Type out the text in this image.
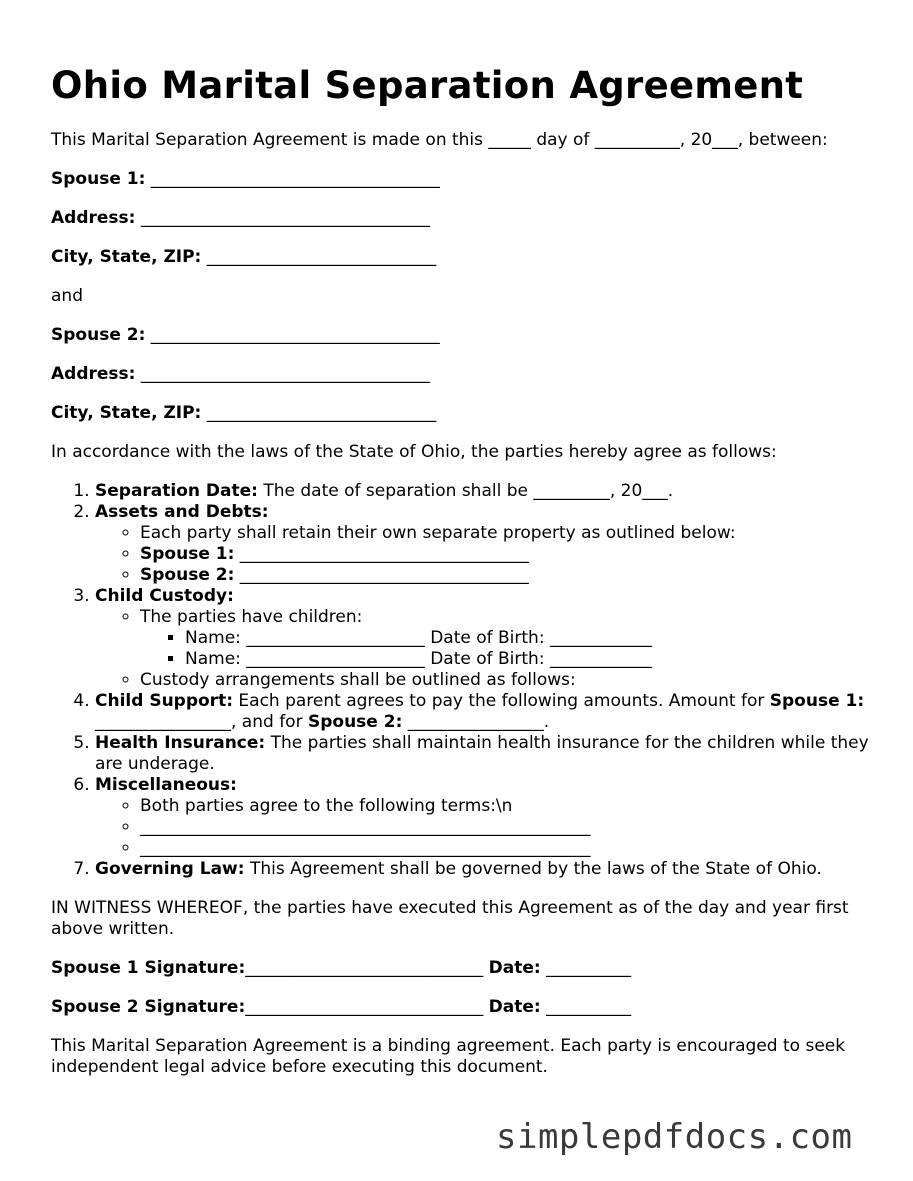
Ohio Marital Separation Agreement

This Marital Separation Agreement is made on this _____ day of __________, 20___, between:

Spouse 1: __________________________________

Address: __________________________________

City, State, ZIP: ___________________________

and

Spouse 2: __________________________________

Address: __________________________________

City, State, ZIP: ___________________________

In accordance with the laws of the State of Ohio, the parties hereby agree as follows:

1. Separation Date: The date of separation shall be _________, 20___.
2. Assets and Debts:
◦ Each party shall retain their own separate property as outlined below:
◦ Spouse 1: __________________________________
◦ Spouse 2: __________________________________
3. Child Custody:
◦ The parties have children:
▪ Name: _____________________ Date of Birth: ____________
▪ Name: _____________________ Date of Birth: ____________
◦ Custody arrangements shall be outlined as follows:
4. Child Support: Each parent agrees to pay the following amounts. Amount for Spouse 1: ________________, and for Spouse 2: ________________.
5. Health Insurance: The parties shall maintain health insurance for the children while they are underage.
6. Miscellaneous:
◦ Both parties agree to the following terms:\n
◦ _____________________________________________________
◦ _____________________________________________________
7. Governing Law: This Agreement shall be governed by the laws of the State of Ohio.

IN WITNESS WHEREOF, the parties have executed this Agreement as of the day and year first above written.

Spouse 1 Signature:____________________________ Date: __________

Spouse 2 Signature:____________________________ Date: __________

This Marital Separation Agreement is a binding agreement. Each party is encouraged to seek independent legal advice before executing this document.

simplepdfdocs.com
